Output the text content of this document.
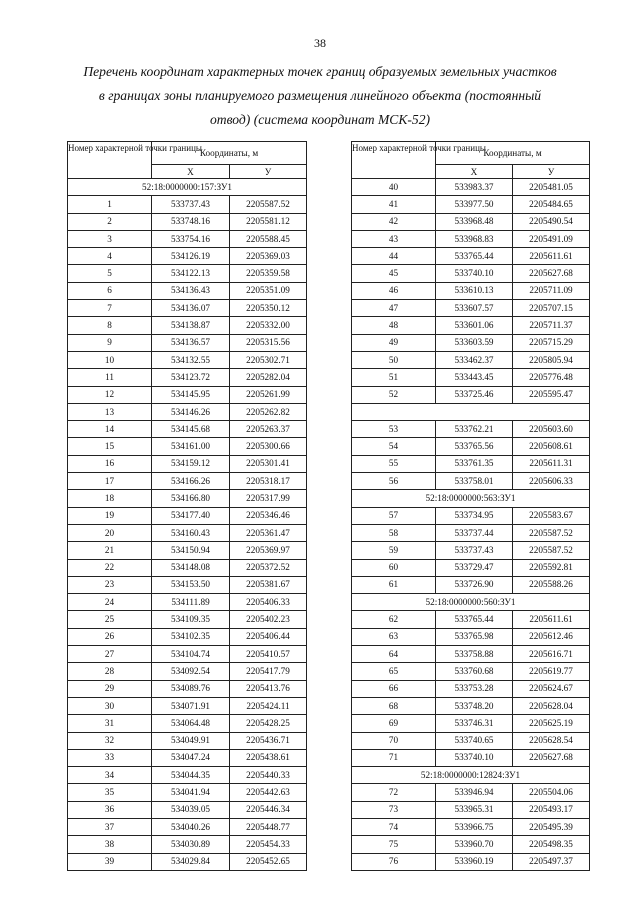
38
Перечень координат характерных точек границ образуемых земельных участков
в границах зоны планируемого размещения линейного объекта (постоянный
отвод) (система координат МСК-52)
Номер характерной точки границы	Координаты, м	
	X	У
52:18:0000000:157:ЗУ1		
1	533737.43	2205587.52
2	533748.16	2205581.12
3	533754.16	2205588.45
4	534126.19	2205369.03
5	534122.13	2205359.58
6	534136.43	2205351.09
7	534136.07	2205350.12
8	534138.87	2205332.00
9	534136.57	2205315.56
10	534132.55	2205302.71
11	534123.72	2205282.04
12	534145.95	2205261.99
13	534146.26	2205262.82
14	534145.68	2205263.37
15	534161.00	2205300.66
16	534159.12	2205301.41
17	534166.26	2205318.17
18	534166.80	2205317.99
19	534177.40	2205346.46
20	534160.43	2205361.47
21	534150.94	2205369.97
22	534148.08	2205372.52
23	534153.50	2205381.67
24	534111.89	2205406.33
25	534109.35	2205402.23
26	534102.35	2205406.44
27	534104.74	2205410.57
28	534092.54	2205417.79
29	534089.76	2205413.76
30	534071.91	2205424.11
31	534064.48	2205428.25
32	534049.91	2205436.71
33	534047.24	2205438.61
34	534044.35	2205440.33
35	534041.94	2205442.63
36	534039.05	2205446.34
37	534040.26	2205448.77
38	534030.89	2205454.33
39	534029.84	2205452.65
Номер характерной точки границы	Координаты, м	
	X	У
40	533983.37	2205481.05
41	533977.50	2205484.65
42	533968.48	2205490.54
43	533968.83	2205491.09
44	533765.44	2205611.61
45	533740.10	2205627.68
46	533610.13	2205711.09
47	533607.57	2205707.15
48	533601.06	2205711.37
49	533603.59	2205715.29
50	533462.37	2205805.94
51	533443.45	2205776.48
52	533725.46	2205595.47

53	533762.21	2205603.60
54	533765.56	2205608.61
55	533761.35	2205611.31
56	533758.01	2205606.33
52:18:0000000:563:ЗУ1		
57	533734.95	2205583.67
58	533737.44	2205587.52
59	533737.43	2205587.52
60	533729.47	2205592.81
61	533726.90	2205588.26
52:18:0000000:560:ЗУ1		
62	533765.44	2205611.61
63	533765.98	2205612.46
64	533758.88	2205616.71
65	533760.68	2205619.77
66	533753.28	2205624.67
68	533748.20	2205628.04
69	533746.31	2205625.19
70	533740.65	2205628.54
71	533740.10	2205627.68
52:18:0000000:12824:ЗУ1		
72	533946.94	2205504.06
73	533965.31	2205493.17
74	533966.75	2205495.39
75	533960.70	2205498.35
76	533960.19	2205497.37
